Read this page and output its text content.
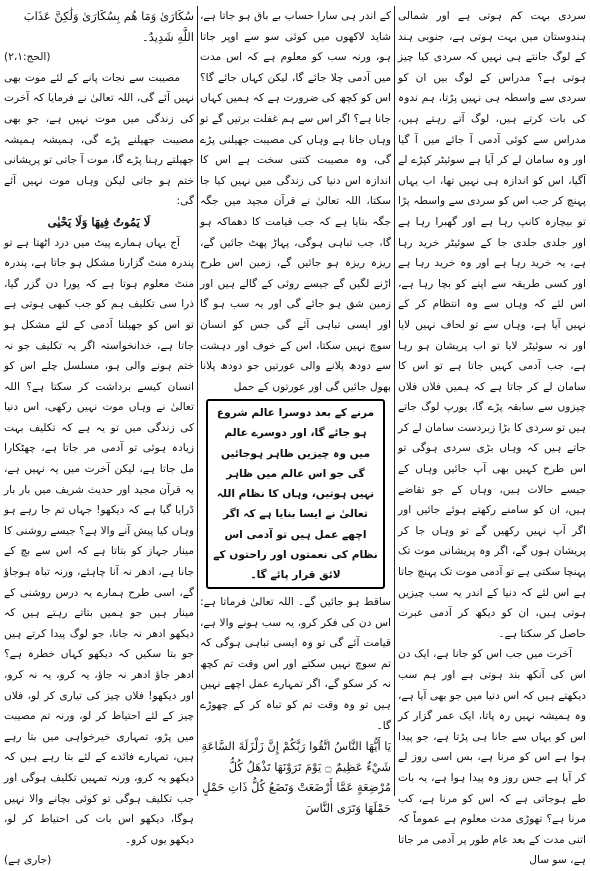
سردی بہت کم ہوتی ہے اور شمالی ہندوستان میں بہت ہوتی ہے، جنوبی ہند کے لوگ جانتے ہی نہیں کہ سردی کیا چیز ہوتی ہے؟ مدراس کے لوگ بیں ان کو سردی سے واسطہ ہی نہیں پڑتا، ہم ندوہ کی بات کرتے ہیں، لوگ آتے رہتے ہیں، مدراس سے کوئی آدمی آ جائے میں آ گیا اور وہ سامان لے کر آیا ہے سوئیٹر کپڑے لے آگیا، اس کو اندازہ ہی نہیں تھا، اب یہاں پہنچ کر جب اس کو سردی سے واسطہ پڑا تو بیچارہ کانپ رہا ہے اور گھبرا رہا ہے اور جلدی جلدی جا کے سوئیٹر خرید رہا ہے، یہ خرید رہا ہے اور وہ خرید رہا ہے اور کسی طریقہ سے اپنے کو بچا رہا ہے، اس لئے کہ وہاں سے وہ انتظام کر کے نہیں آیا ہے، وہاں سے تو لحاف نہیں لایا اور نہ سوئیٹر لایا تو اب پریشان ہو رہا ہے، جب آدمی کہیں جاتا ہے تو اس کا سامان لے کر جاتا ہے کہ ہمیں فلاں فلاں چیزوں سے سابقہ پڑے گا، یورپ لوگ جاتے ہیں تو سردی کا بڑا زبردست سامان لے کر جاتے ہیں کہ وہاں بڑی سردی ہوگی تو اس طرح کہیں بھی آپ جائیں وہاں کے جیسے حالات ہیں، وہاں کے جو تقاضے ہیں، ان کو سامنے رکھتے ہوئے جائیں اور اگر آپ نہیں رکھیں گے تو وہاں جا کر پریشان ہوں گے، اگر وہ پریشانی موت تک پہنچا سکتی ہے تو آدمی موت تک پہنچ جاتا ہے اس لئے کہ دنیا کے اندر یہ سب چیزیں ہوتی ہیں، ان کو دیکھ کر آدمی عبرت حاصل کر سکتا ہے۔

آخرت میں جب اس کو جانا ہے، ایک دن اس کی آنکھ بند ہوتی ہے اور ہم سب دیکھتے ہیں کہ اس دنیا میں جو بھی آیا ہے، وہ ہمیشہ نہیں رہ پاتا، ایک عمر گزار کر اس کو یہاں سے جانا ہی پڑتا ہے، جو پیدا ہوا ہے اس کو مرنا ہے، بس اسی روز لے کر آیا ہے جس روز وہ پیدا ہوا ہے، یہ بات طے ہوجاتی ہے کہ اس کو مرنا ہے، کب مرنا ہے؟ تھوڑی مدت معلوم ہے عموماً کہ اتنی مدت کے بعد عام طور پر آدمی مر جاتا ہے، سو سال

کے اندر ہی سارا حساب بے باق ہو جاتا ہے، شاید لاکھوں میں کوئی سو سے اوپر جاتا ہو، ورنہ سب کو معلوم ہے کہ اس مدت میں آدمی چلا جائے گا، لیکن کہاں جائے گا؟ اس کو کچھ کی ضرورت ہے کہ ہمیں کہاں جانا ہے؟ اگر اس سے ہم غفلت برتیں گے تو وہاں جانا ہے وہاں کی مصیبت جھیلنی پڑے گی، وہ مصیبت کتنی سخت ہے اس کا اندازہ اس دنیا کی زندگی میں نہیں کیا جا سکتا، اللہ تعالیٰ نے قرآن مجید میں جگہ جگہ بتایا ہے کہ جب قیامت کا دھماکہ ہو گا، جب تباہی ہوگی، پہاڑ پھٹ جائیں گے، ریزہ ریزہ ہو جائیں گے، زمین اس طرح اڑنے لگیں گے جیسے روئی کے گالے ہیں اور زمین شق ہو جائے گی اور یہ سب ہو گا اور ایسی تباہی آئے گی جس کو انسان سوچ نہیں سکتا، اس کے خوف اور دہشت سے دودھ پلانے والی عورتیں جو دودھ پلانا بھول جائیں گی اور عورتوں کے حمل

مرنے کے بعد دوسرا عالم شروع ہو جائے گا، اور دوسرے عالم میں وہ چیزیں ظاہر ہوجائیں گی جو اس عالم میں ظاہر نہیں ہوتیں، وہاں کا نظام اللہ تعالیٰ نے ایسا بنایا ہے کہ اگر اچھے عمل ہیں تو آدمی اس نظام کی نعمتوں اور راحتوں کے لائق قرار پائے گا۔

ساقط ہو جائیں گے۔ اللہ تعالیٰ فرماتا ہے: اس دن کی فکر کرو، یہ سب ہونے والا ہے، قیامت آئے گی تو وہ ایسی تباہی ہوگی کہ تم سوچ نہیں سکتے اور اس وقت تم کچھ نہ کر سکو گے، اگر تمہارے عمل اچھے نہیں ہیں تو وہ وقت تم کو تباہ کر کے چھوڑے گا۔

يَا أَيُّهَا النَّاسُ اتَّقُوا رَبَّكُمْ إِنَّ زَلْزَلَةَ السَّاعَةِ شَيْءٌ عَظِيمٌ ۝ يَوْمَ تَرَوْنَهَا تَذْهَلُ كُلُّ مُرْضِعَةٍ عَمَّا أَرْضَعَتْ وَتَضَعُ كُلُّ ذَاتِ حَمْلٍ حَمْلَهَا وَتَرَى النَّاسَ

سُكَارَىٰ وَمَا هُم بِسُكَارَىٰ وَلَٰكِنَّ عَذَابَ اللَّهِ شَدِيدٌ۔

(الحج:۲،۱)

مصیبت سے نجات پانے کے لئے موت بھی نہیں آئے گی، اللہ تعالیٰ نے فرمایا کہ آخرت کی زندگی میں موت نہیں ہے، جو بھی مصیبت جھیلنے پڑے گی، ہمیشہ ہمیشہ جھیلتے رہنا پڑے گا، موت آ جاتی تو پریشانی ختم ہو جاتی لیکن وہاں موت نہیں آئے گی:

لَا يَمُوتُ فِيهَا وَلَا يَحْيٰى

آج یہاں ہمارے پیٹ میں درد اٹھتا ہے تو پندرہ منٹ گزارنا مشکل ہو جاتا ہے، پندرہ منٹ معلوم ہوتا ہے کہ پورا دن گزر گیا، ذرا سی تکلیف ہم کو جب کبھی ہوتی ہے تو اس کو جھیلنا آدمی کے لئے مشکل ہو جاتا ہے، خدانخواستہ اگر یہ تکلیف جو نہ ختم ہونے والی ہو، مسلسل چلے اس کو انسان کیسے برداشت کر سکتا ہے؟ اللہ تعالیٰ نے وہاں موت نہیں رکھی، اس دنیا کی زندگی میں تو یہ ہے کہ تکلیف بہت زیادہ ہوئی تو آدمی مر جاتا ہے، چھٹکارا مل جاتا ہے، لیکن آخرت میں یہ نہیں ہے، یہ قرآن مجید اور حدیث شریف میں بار بار ڈرایا گیا ہے کہ دیکھو! جہاں تم جا رہے ہو وہاں کیا پیش آنے والا ہے؟ جیسے روشنی کا مینار جہاز کو بتاتا ہے کہ اس سے بچ کے جانا ہے، ادھر نہ آنا چاہئے، ورنہ تباہ ہوجاؤ گے، اسی طرح ہمارے یہ درس روشنی کے مینار ہیں جو ہمیں بتاتے رہتے ہیں کہ دیکھو ادھر نہ جانا، جو لوگ پیدا کرتے ہیں جو بتا سکیں کہ دیکھو کہاں خطرہ ہے؟ ادھر جاؤ ادھر نہ جاؤ، یہ کرو، یہ نہ کرو، اور دیکھو! فلاں چیز کی تیاری کر لو، فلاں چیز کے لئے احتیاط کر لو، ورنہ تم مصیبت میں پڑو، تمہاری خیرخواہی میں بتا رہے ہیں، تمہارے فائدے کے لئے بتا رہے ہیں کہ دیکھو یہ کرو، ورنہ تمہیں تکلیف ہوگی اور جب تکلیف ہوگی تو کوئی بچانے والا نہیں ہوگا، دیکھو اس بات کی احتیاط کر لو، دیکھو یوں کرو۔

(جاری ہے)
